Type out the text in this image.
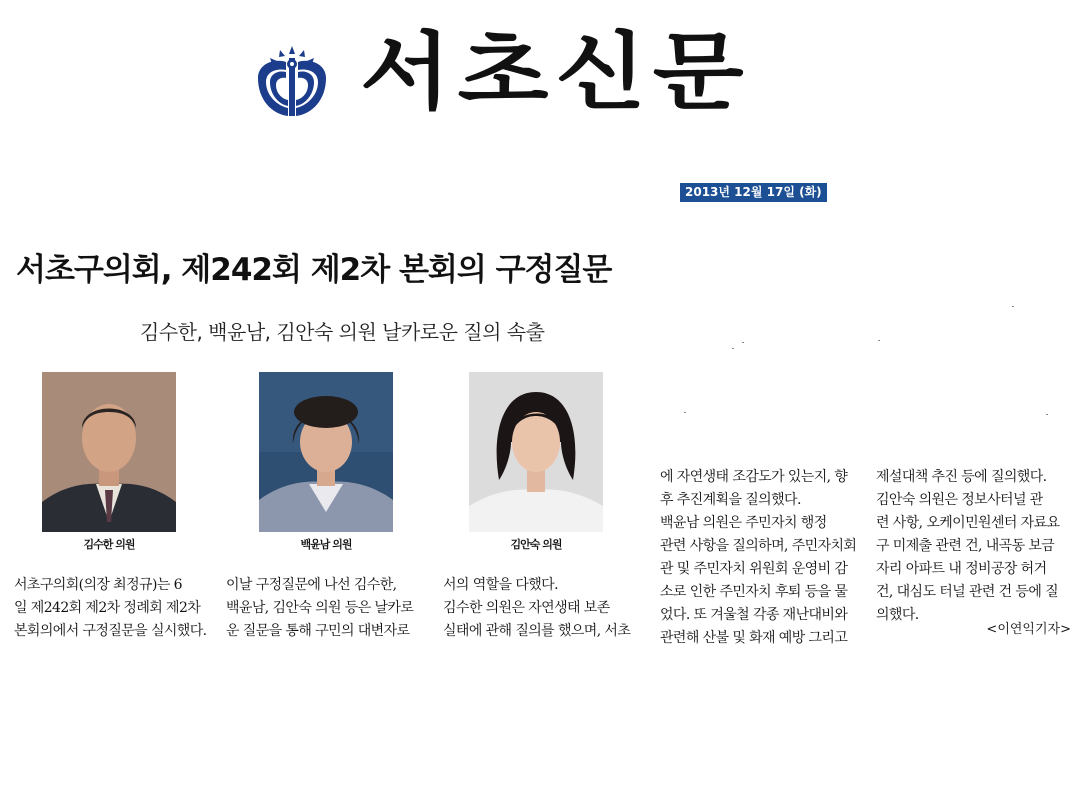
서초신문
2013년 12월 17일 (화)
서초구의회, 제242회 제2차 본회의 구정질문
김수한, 백윤남, 김안숙 의원 날카로운 질의 속출
김수한 의원	백윤남 의원	김안숙 의원
서초구의회(의장 최정규)는 6
일 제242회 제2차 정례회 제2차
본회의에서 구정질문을 실시했다.
이날 구정질문에 나선 김수한,
백윤남, 김안숙 의원 등은 날카로
운 질문을 통해 구민의 대변자로
서의 역할을 다했다.
김수한 의원은 자연생태 보존
실태에 관해 질의를 했으며, 서초
에 자연생태 조감도가 있는지, 향
후 추진계획을 질의했다.
백윤남 의원은 주민자치 행정
관련 사항을 질의하며, 주민자치회
관 및 주민자치 위원회 운영비 감
소로 인한 주민자치 후퇴 등을 물
었다. 또 겨울철 각종 재난대비와
관련해 산불 및 화재 예방 그리고
제설대책 추진 등에 질의했다.
김안숙 의원은 정보사터널 관
련 사항, 오케이민원센터 자료요
구 미제출 관련 건, 내곡동 보금
자리 아파트 내 정비공장 허거
건, 대심도 터널 관련 건 등에 질
의했다.
<이연익기자>
